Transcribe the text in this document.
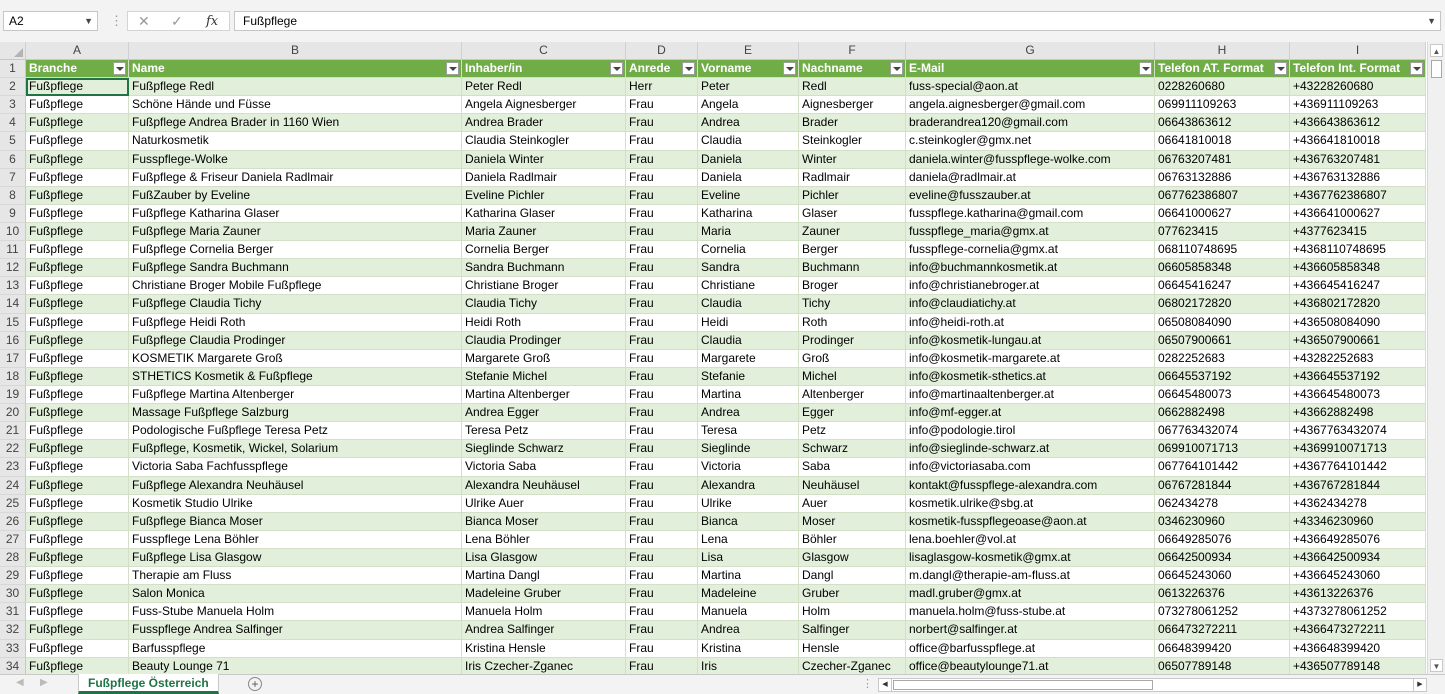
A2	▼ ⋮ ✕ ✓ fx	Fußpflege	▼
A	B	C	D	E	F	G	H	I
1	Branche	Name	Inhaber/in	Anrede	Vorname	Nachname	E-Mail	Telefon AT. Format	Telefon Int. Format
2	Fußpflege	Fußpflege Redl	Peter Redl	Herr	Peter	Redl	fuss-special@aon.at	0228260680	+43228260680
3	Fußpflege	Schöne Hände und Füsse	Angela Aignesberger	Frau	Angela	Aignesberger	angela.aignesberger@gmail.com	069911109263	+436911109263
4	Fußpflege	Fußpflege Andrea Brader in 1160 Wien	Andrea Brader	Frau	Andrea	Brader	braderandrea120@gmail.com	06643863612	+436643863612
5	Fußpflege	Naturkosmetik	Claudia Steinkogler	Frau	Claudia	Steinkogler	c.steinkogler@gmx.net	06641810018	+436641810018
6	Fußpflege	Fusspflege-Wolke	Daniela Winter	Frau	Daniela	Winter	daniela.winter@fusspflege-wolke.com	06763207481	+436763207481
7	Fußpflege	Fußpflege & Friseur Daniela Radlmair	Daniela Radlmair	Frau	Daniela	Radlmair	daniela@radlmair.at	06763132886	+436763132886
8	Fußpflege	FußZauber by Eveline	Eveline Pichler	Frau	Eveline	Pichler	eveline@fusszauber.at	067762386807	+4367762386807
9	Fußpflege	Fußpflege Katharina Glaser	Katharina Glaser	Frau	Katharina	Glaser	fusspflege.katharina@gmail.com	06641000627	+436641000627
10 Fußpflege	Fußpflege Maria Zauner	Maria Zauner	Frau	Maria	Zauner	fusspflege_maria@gmx.at	077623415	+4377623415
11 Fußpflege	Fußpflege Cornelia Berger	Cornelia Berger	Frau	Cornelia	Berger	fusspflege-cornelia@gmx.at	068110748695	+4368110748695
12 Fußpflege	Fußpflege Sandra Buchmann	Sandra Buchmann	Frau	Sandra	Buchmann	info@buchmannkosmetik.at	06605858348	+436605858348
13 Fußpflege	Christiane Broger Mobile Fußpflege	Christiane Broger	Frau	Christiane	Broger	info@christianebroger.at	06645416247	+436645416247
14 Fußpflege	Fußpflege Claudia Tichy	Claudia Tichy	Frau	Claudia	Tichy	info@claudiatichy.at	06802172820	+436802172820
15 Fußpflege	Fußpflege Heidi Roth	Heidi Roth	Frau	Heidi	Roth	info@heidi-roth.at	06508084090	+436508084090
16 Fußpflege	Fußpflege Claudia Prodinger	Claudia Prodinger	Frau	Claudia	Prodinger	info@kosmetik-lungau.at	06507900661	+436507900661
17 Fußpflege	KOSMETIK Margarete Groß	Margarete Groß	Frau	Margarete	Groß	info@kosmetik-margarete.at	0282252683	+43282252683
18 Fußpflege	STHETICS Kosmetik & Fußpflege	Stefanie Michel	Frau	Stefanie	Michel	info@kosmetik-sthetics.at	06645537192	+436645537192
19 Fußpflege	Fußpflege Martina Altenberger	Martina Altenberger	Frau	Martina	Altenberger	info@martinaaltenberger.at	06645480073	+436645480073
20 Fußpflege	Massage Fußpflege Salzburg	Andrea Egger	Frau	Andrea	Egger	info@mf-egger.at	0662882498	+43662882498
21 Fußpflege	Podologische Fußpflege Teresa Petz	Teresa Petz	Frau	Teresa	Petz	info@podologie.tirol	067763432074	+4367763432074
22 Fußpflege	Fußpflege, Kosmetik, Wickel, Solarium	Sieglinde Schwarz	Frau	Sieglinde	Schwarz	info@sieglinde-schwarz.at	069910071713	+4369910071713
23 Fußpflege	Victoria Saba Fachfusspflege	Victoria Saba	Frau	Victoria	Saba	info@victoriasaba.com	067764101442	+4367764101442
24 Fußpflege	Fußpflege Alexandra Neuhäusel	Alexandra Neuhäusel	Frau	Alexandra	Neuhäusel	kontakt@fusspflege-alexandra.com	06767281844	+436767281844
25 Fußpflege	Kosmetik Studio Ulrike	Ulrike Auer	Frau	Ulrike	Auer	kosmetik.ulrike@sbg.at	062434278	+4362434278
26 Fußpflege	Fußpflege Bianca Moser	Bianca Moser	Frau	Bianca	Moser	kosmetik-fusspflegeoase@aon.at	0346230960	+43346230960
27 Fußpflege	Fusspflege Lena Böhler	Lena Böhler	Frau	Lena	Böhler	lena.boehler@vol.at	06649285076	+436649285076
28 Fußpflege	Fußpflege Lisa Glasgow	Lisa Glasgow	Frau	Lisa	Glasgow	lisaglasgow-kosmetik@gmx.at	06642500934	+436642500934
29 Fußpflege	Therapie am Fluss	Martina Dangl	Frau	Martina	Dangl	m.dangl@therapie-am-fluss.at	06645243060	+436645243060
30 Fußpflege	Salon Monica	Madeleine Gruber	Frau	Madeleine	Gruber	madl.gruber@gmx.at	0613226376	+43613226376
31 Fußpflege	Fuss-Stube Manuela Holm	Manuela Holm	Frau	Manuela	Holm	manuela.holm@fuss-stube.at	073278061252	+4373278061252
32 Fußpflege	Fusspflege Andrea Salfinger	Andrea Salfinger	Frau	Andrea	Salfinger	norbert@salfinger.at	066473272211	+4366473272211
33 Fußpflege	Barfusspflege	Kristina Hensle	Frau	Kristina	Hensle	office@barfusspflege.at	06648399420	+436648399420
34 Fußpflege	Beauty Lounge 71	Iris Czecher-Zganec	Frau	Iris	Czecher-Zganec	office@beautylounge71.at	06507789148	+436507789148
▲
▼
◀ ▶	Fußpflege Österreich	+	⋮	◀	▶
